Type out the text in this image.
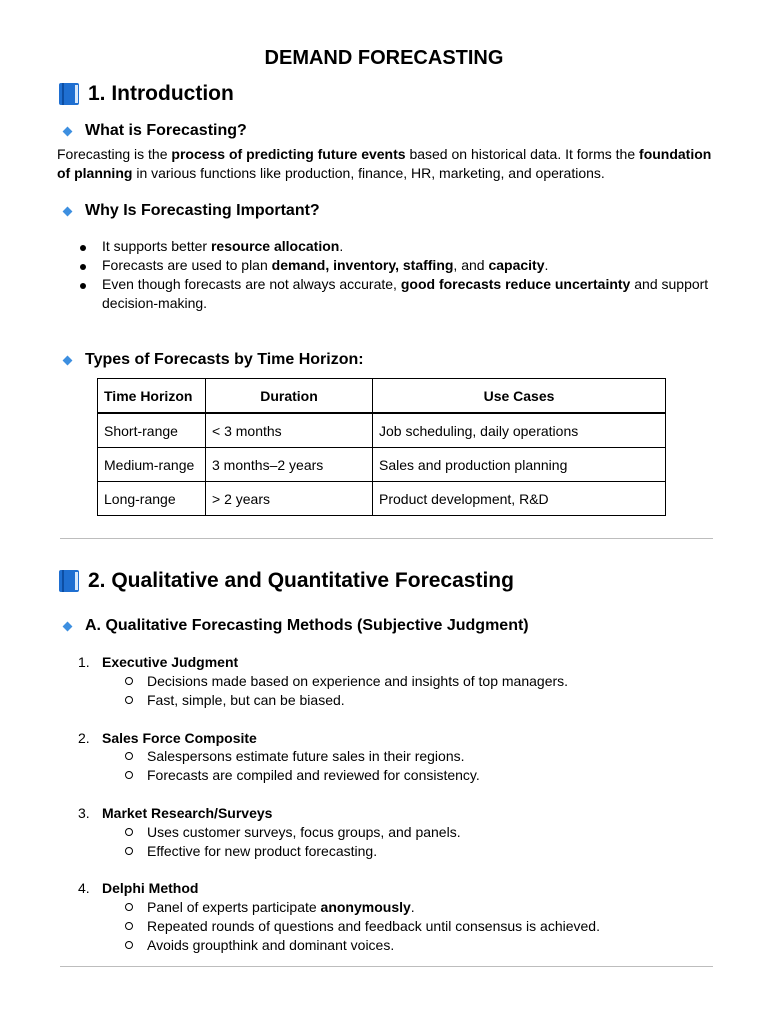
DEMAND FORECASTING
1. Introduction
What is Forecasting?
Forecasting is the process of predicting future events based on historical data. It forms the foundation
of planning in various functions like production, finance, HR, marketing, and operations.
Why Is Forecasting Important?
It supports better resource allocation.
Forecasts are used to plan demand, inventory, staffing, and capacity.
Even though forecasts are not always accurate, good forecasts reduce uncertainty and support
decision-making.
Types of Forecasts by Time Horizon:
Time Horizon	Duration	Use Cases
Short-range	< 3 months	Job scheduling, daily operations
Medium-range	3 months–2 years	Sales and production planning
Long-range	> 2 years	Product development, R&D
2. Qualitative and Quantitative Forecasting
A. Qualitative Forecasting Methods (Subjective Judgment)
1. Executive Judgment
Decisions made based on experience and insights of top managers.
Fast, simple, but can be biased.
2. Sales Force Composite
Salespersons estimate future sales in their regions.
Forecasts are compiled and reviewed for consistency.
3. Market Research/Surveys
Uses customer surveys, focus groups, and panels.
Effective for new product forecasting.
4. Delphi Method
Panel of experts participate anonymously.
Repeated rounds of questions and feedback until consensus is achieved.
Avoids groupthink and dominant voices.
